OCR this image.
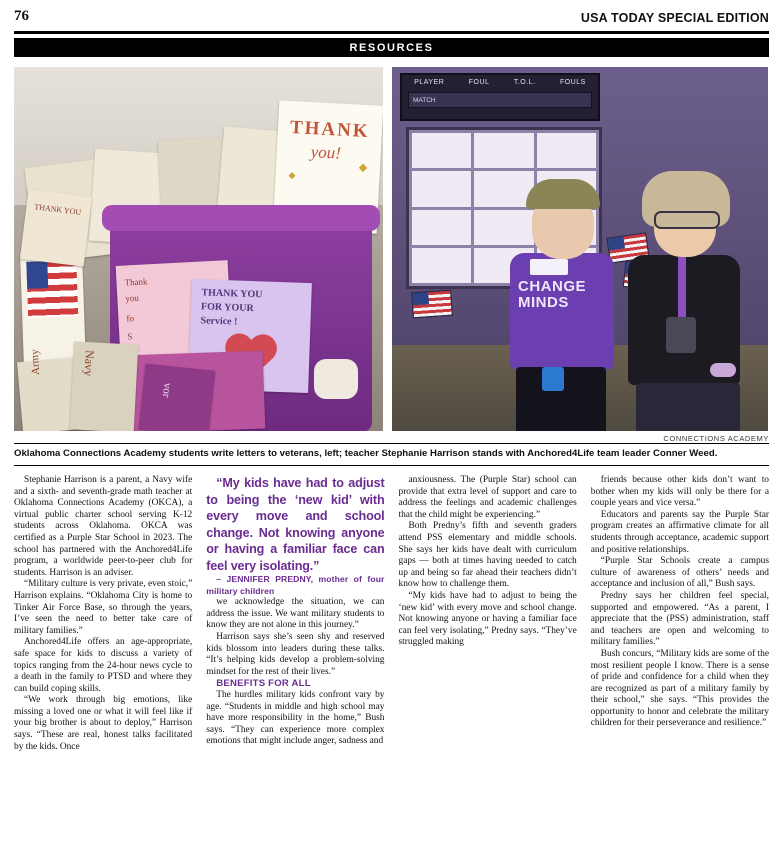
76	USA TODAY SPECIAL EDITION
RESOURCES
THANK
you!
Thank
you
fo
S
THANK YOU
FOR YOUR
Service !
vor
THANK YOU
Army	Navy
PLAYER	FOUL	T.O.L.	FOULS
MATCH
CHANGE MINDS
CONNECTIONS ACADEMY
Oklahoma Connections Academy students write letters to veterans, left; teacher Stephanie Harrison stands with Anchored4Life team leader Conner Weed.

Stephanie Harrison is a parent, a Navy wife and a sixth- and seventh-grade math teacher at Oklahoma Connections Academy (OKCA), a virtual public charter school serving K-12 students across Oklahoma. OKCA was certified as a Purple Star School in 2023. The school has partnered with the Anchored4Life program, a worldwide peer-to-peer club for students. Harrison is an adviser.

“Military culture is very private, even stoic,” Harrison explains. “Oklahoma City is home to Tinker Air Force Base, so through the years, I’ve seen the need to better take care of military families.”

Anchored4Life offers an age-appropriate, safe space for kids to discuss a variety of topics ranging from the 24-hour news cycle to a death in the family to PTSD and where they can build coping skills.

“We work through big emotions, like missing a loved one or what it will feel like if your big brother is about to deploy,” Harrison says. “These are real, honest talks facilitated by the kids. Once

“My kids have had to adjust to being the ‘new kid’ with every move and school change. Not knowing anyone or having a familiar face can feel very isolating.”

– JENNIFER PREDNY, mother of four military children

we acknowledge the situation, we can address the issue. We want military students to know they are not alone in this journey.”

Harrison says she’s seen shy and reserved kids blossom into leaders during these talks. “It’s helping kids develop a problem-solving mindset for the rest of their lives.”

BENEFITS FOR ALL

The hurdles military kids confront vary by age. “Students in middle and high school may have more responsibility in the home,” Bush says. “They can experience more complex emotions that might include anger, sadness and

anxiousness. The (Purple Star) school can provide that extra level of support and care to address the feelings and academic challenges that the child might be experiencing.”

Both Predny’s fifth and seventh graders attend PSS elementary and middle schools. She says her kids have dealt with curriculum gaps — both at times having needed to catch up and being so far ahead their teachers didn’t know how to challenge them.

“My kids have had to adjust to being the ‘new kid’ with every move and school change. Not knowing anyone or having a familiar face can feel very isolating,” Predny says. “They’ve struggled making

friends because other kids don’t want to bother when my kids will only be there for a couple years and vice versa.”

Educators and parents say the Purple Star program creates an affirmative climate for all students through acceptance, academic support and positive relationships.

“Purple Star Schools create a campus culture of awareness of others’ needs and acceptance and inclusion of all,” Bush says.

Predny says her children feel special, supported and empowered. “As a parent, I appreciate that the (PSS) administration, staff and teachers are open and welcoming to military families.”

Bush concurs, “Military kids are some of the most resilient people I know. There is a sense of pride and confidence for a child when they are recognized as part of a military family by their school,” she says. “This provides the opportunity to honor and celebrate the military children for their perseverance and resilience.”
